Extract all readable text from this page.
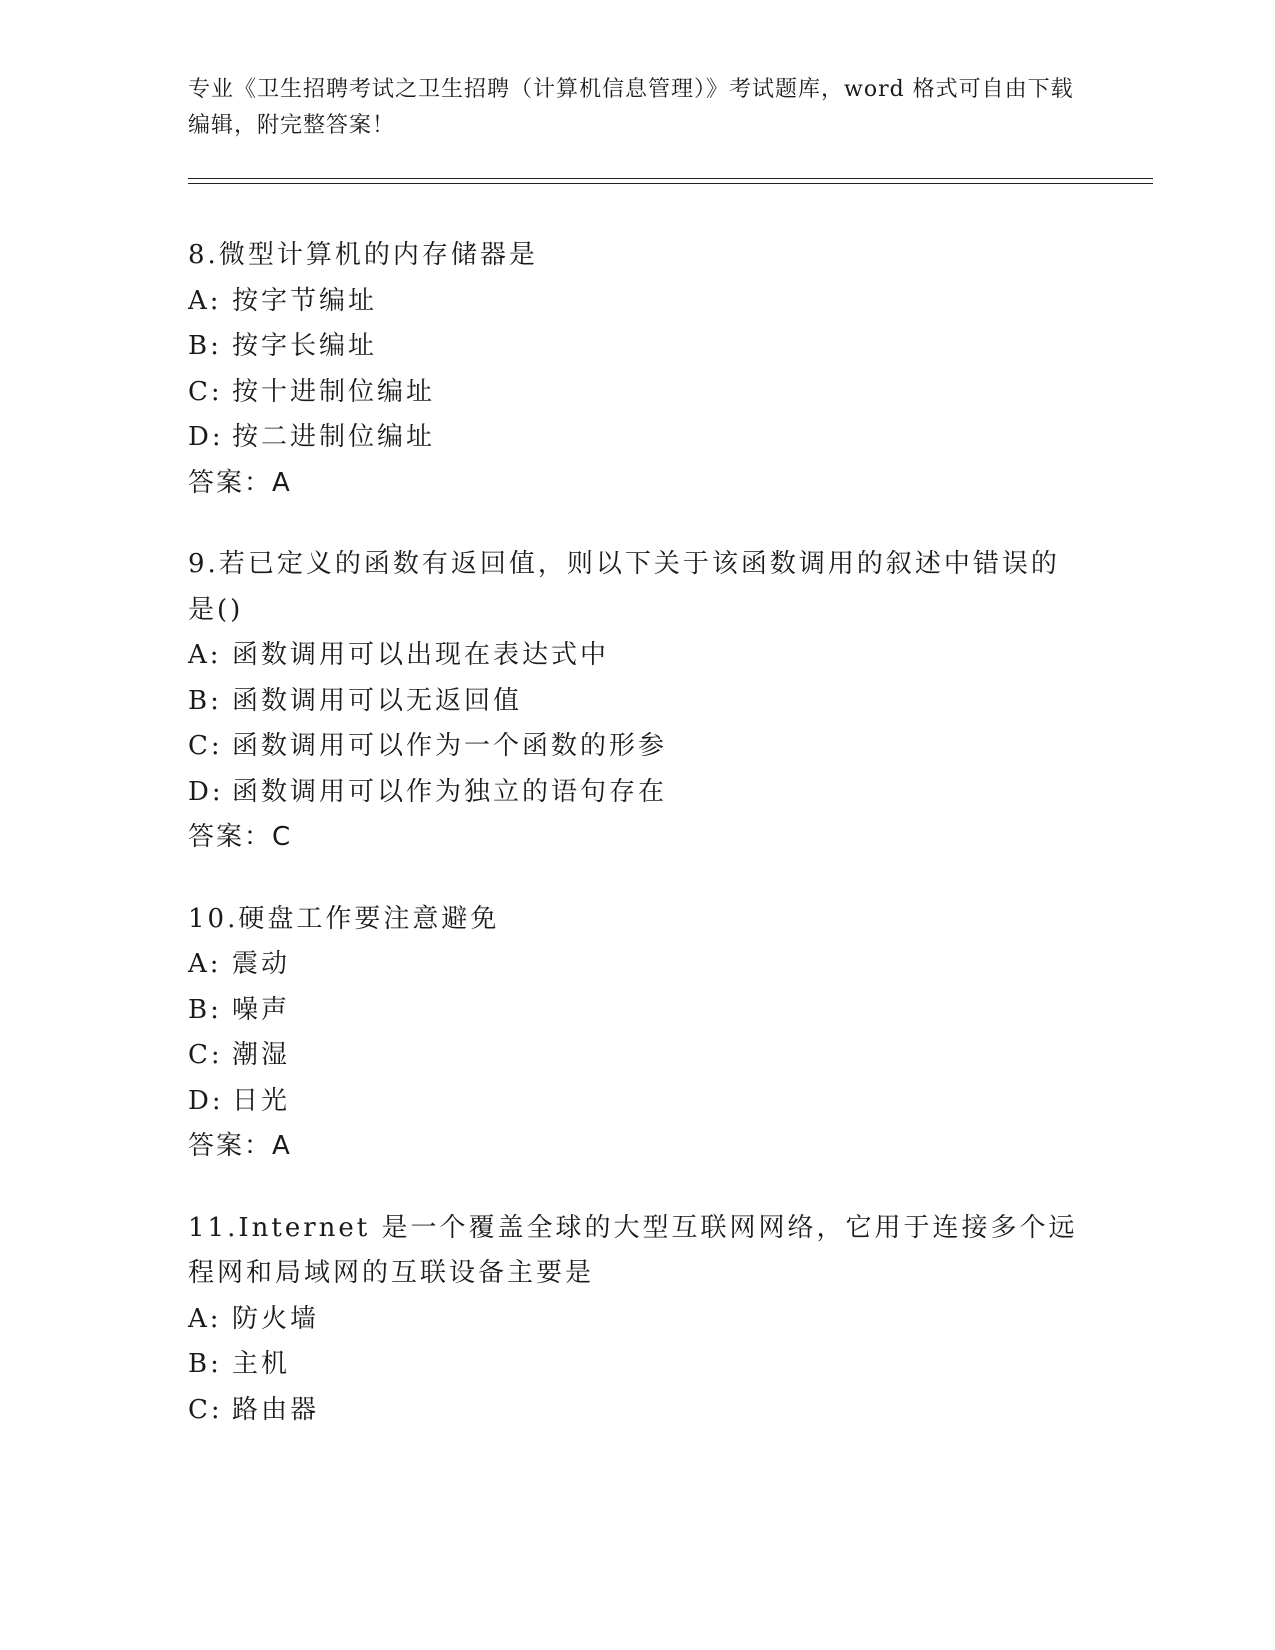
专业《卫生招聘考试之卫生招聘（计算机信息管理）》考试题库，word 格式可自由下载编辑，附完整答案！
8.微型计算机的内存储器是
A: 按字节编址
B: 按字长编址
C: 按十进制位编址
D: 按二进制位编址
答案：A
9.若已定义的函数有返回值，则以下关于该函数调用的叙述中错误的是()
A: 函数调用可以出现在表达式中
B: 函数调用可以无返回值
C: 函数调用可以作为一个函数的形参
D: 函数调用可以作为独立的语句存在
答案：C
10.硬盘工作要注意避免
A: 震动
B: 噪声
C: 潮湿
D: 日光
答案：A
11.Internet 是一个覆盖全球的大型互联网网络，它用于连接多个远程网和局域网的互联设备主要是
A: 防火墙
B: 主机
C: 路由器
